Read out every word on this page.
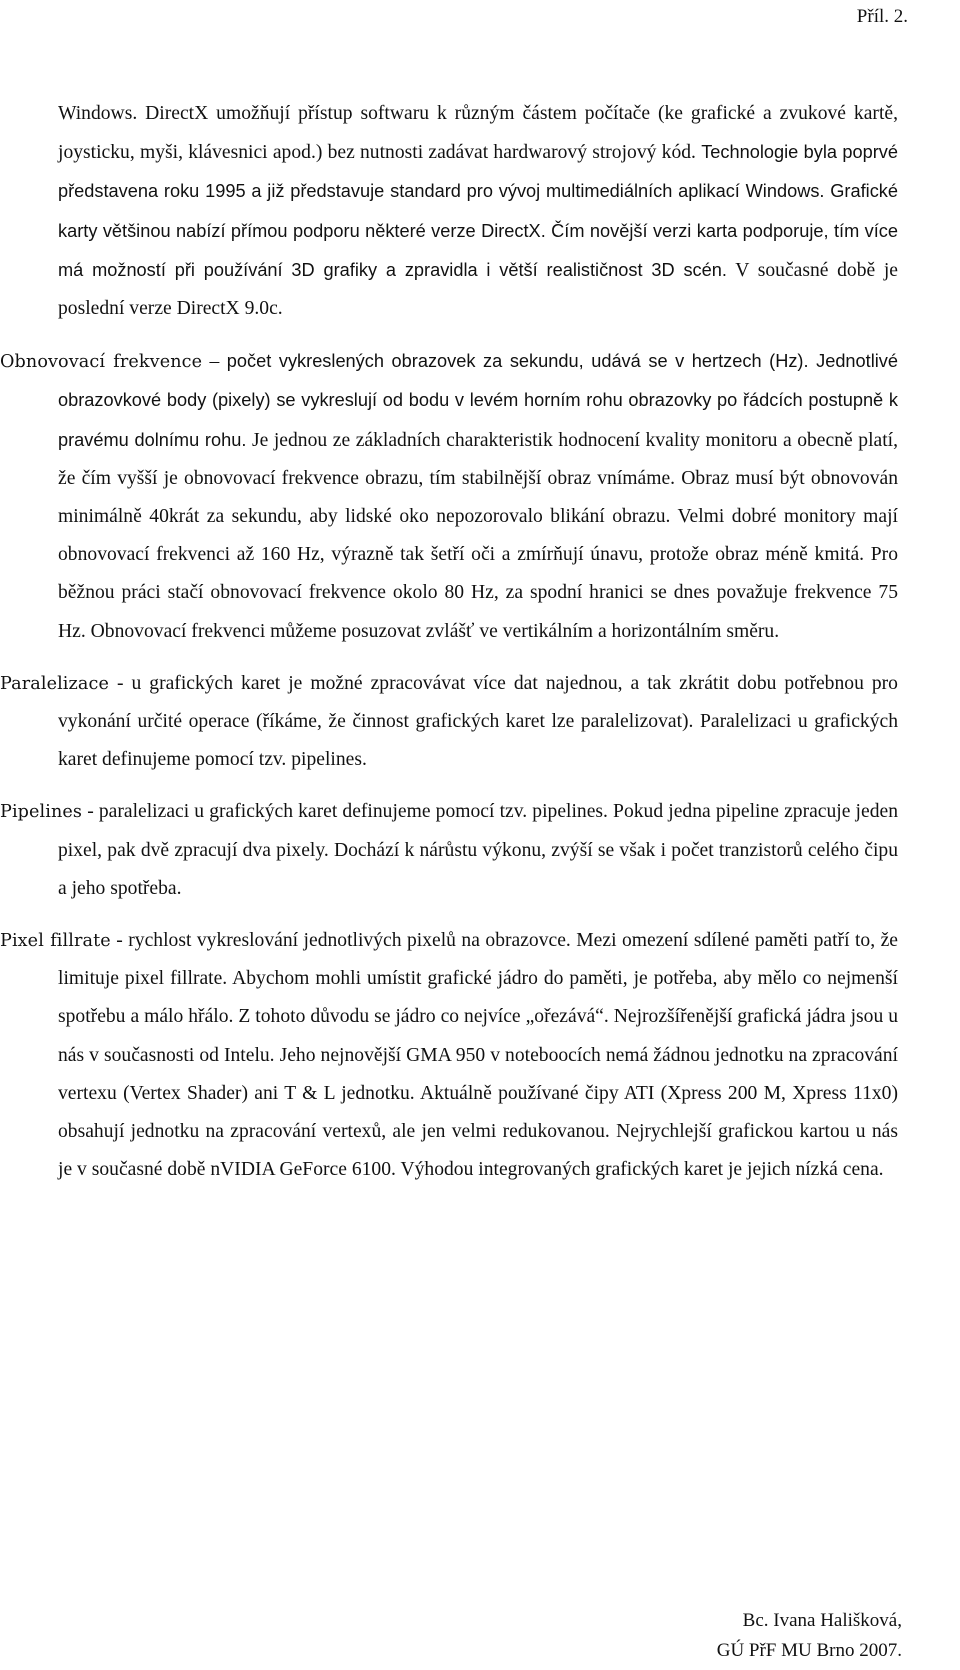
Příl. 2.

Windows. DirectX umožňují přístup softwaru k různým částem počítače (ke grafické a zvukové kartě, joysticku, myši, klávesnici apod.) bez nutnosti zadávat hardwarový strojový kód. Technologie byla poprvé představena roku 1995 a již představuje standard pro vývoj multimediálních aplikací Windows. Grafické karty většinou nabízí přímou podporu některé verze DirectX. Čím novější verzi karta podporuje, tím více má možností při používání 3D grafiky a zpravidla i větší realističnost 3D scén. V současné době je poslední verze DirectX 9.0c.

Obnovovací frekvence – počet vykreslených obrazovek za sekundu, udává se v hertzech (Hz). Jednotlivé obrazovkové body (pixely) se vykreslují od bodu v levém horním rohu obrazovky po řádcích postupně k pravému dolnímu rohu. Je jednou ze základních charakteristik hodnocení kvality monitoru a obecně platí, že čím vyšší je obnovovací frekvence obrazu, tím stabilnější obraz vnímáme. Obraz musí být obnovován minimálně 40krát za sekundu, aby lidské oko nepozorovalo blikání obrazu. Velmi dobré monitory mají obnovovací frekvenci až 160 Hz, výrazně tak šetří oči a zmírňují únavu, protože obraz méně kmitá. Pro běžnou práci stačí obnovovací frekvence okolo 80 Hz, za spodní hranici se dnes považuje frekvence 75 Hz. Obnovovací frekvenci můžeme posuzovat zvlášť ve vertikálním a horizontálním směru.

Paralelizace - u grafických karet je možné zpracovávat více dat najednou, a tak zkrátit dobu potřebnou pro vykonání určité operace (říkáme, že činnost grafických karet lze paralelizovat). Paralelizaci u grafických karet definujeme pomocí tzv. pipelines.

Pipelines - paralelizaci u grafických karet definujeme pomocí tzv. pipelines. Pokud jedna pipeline zpracuje jeden pixel, pak dvě zpracují dva pixely. Dochází k nárůstu výkonu, zvýší se však i počet tranzistorů celého čipu a jeho spotřeba.

Pixel fillrate - rychlost vykreslování jednotlivých pixelů na obrazovce. Mezi omezení sdílené paměti patří to, že limituje pixel fillrate. Abychom mohli umístit grafické jádro do paměti, je potřeba, aby mělo co nejmenší spotřebu a málo hřálo. Z tohoto důvodu se jádro co nejvíce „ořezává“. Nejrozšířenější grafická jádra jsou u nás v současnosti od Intelu. Jeho nejnovější GMA 950 v noteboocích nemá žádnou jednotku na zpracování vertexu (Vertex Shader) ani T & L jednotku. Aktuálně používané čipy ATI (Xpress 200 M, Xpress 11x0) obsahují jednotku na zpracování vertexů, ale jen velmi redukovanou. Nejrychlejší grafickou kartou u nás je v současné době nVIDIA GeForce 6100. Výhodou integrovaných grafických karet je jejich nízká cena.

Bc. Ivana Hališková,
GÚ PřF MU Brno 2007.
